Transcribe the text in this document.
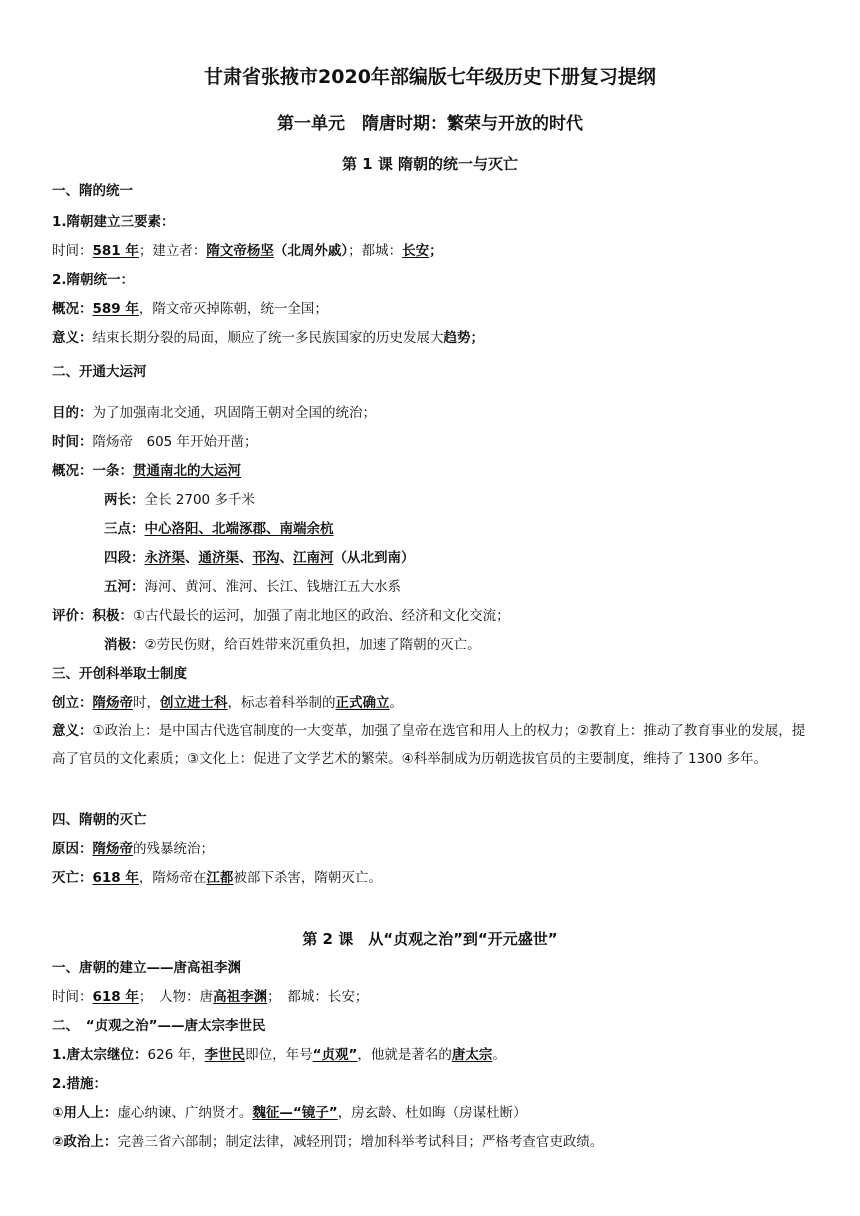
甘肃省张掖市2020年部编版七年级历史下册复习提纲
第一单元　隋唐时期：繁荣与开放的时代
第 1 课 隋朝的统一与灭亡
一、隋的统一
1.隋朝建立三要素：
时间：581 年；建立者：隋文帝杨坚（北周外戚）；都城：长安；
2.隋朝统一：
概况：589 年，隋文帝灭掉陈朝，统一全国；
意义：结束长期分裂的局面，顺应了统一多民族国家的历史发展大趋势；
二、开通大运河
目的：为了加强南北交通，巩固隋王朝对全国的统治；
时间：隋炀帝　605 年开始开凿；
概况：一条：贯通南北的大运河
两长：全长 2700 多千米
三点：中心洛阳、北端涿郡、南端余杭
四段：永济渠、通济渠、邗沟、江南河（从北到南）
五河：海河、黄河、淮河、长江、钱塘江五大水系
评价：积极：①古代最长的运河，加强了南北地区的政治、经济和文化交流；
消极：②劳民伤财，给百姓带来沉重负担，加速了隋朝的灭亡。
三、开创科举取士制度
创立：隋炀帝时，创立进士科，标志着科举制的正式确立。
意义：①政治上：是中国古代选官制度的一大变革，加强了皇帝在选官和用人上的权力；②教育上：推动了教育事业的发展，提高了官员的文化素质；③文化上：促进了文学艺术的繁荣。④科举制成为历朝选拔官员的主要制度，维持了 1300 多年。
四、隋朝的灭亡
原因：隋炀帝的残暴统治；
灭亡：618 年，隋炀帝在江都被部下杀害，隋朝灭亡。
第 2 课　从“贞观之治”到“开元盛世”
一、唐朝的建立——唐高祖李渊
时间：618 年；　人物：唐高祖李渊；　都城：长安；
二、　“贞观之治”——唐太宗李世民
1.唐太宗继位：626 年，李世民即位，年号“贞观”，他就是著名的唐太宗。
2.措施：
①用人上：虚心纳谏、广纳贤才。魏征—“镜子”，房玄龄、杜如晦（房谋杜断）
②政治上：完善三省六部制；制定法律，减轻刑罚；增加科举考试科目；严格考查官吏政绩。
